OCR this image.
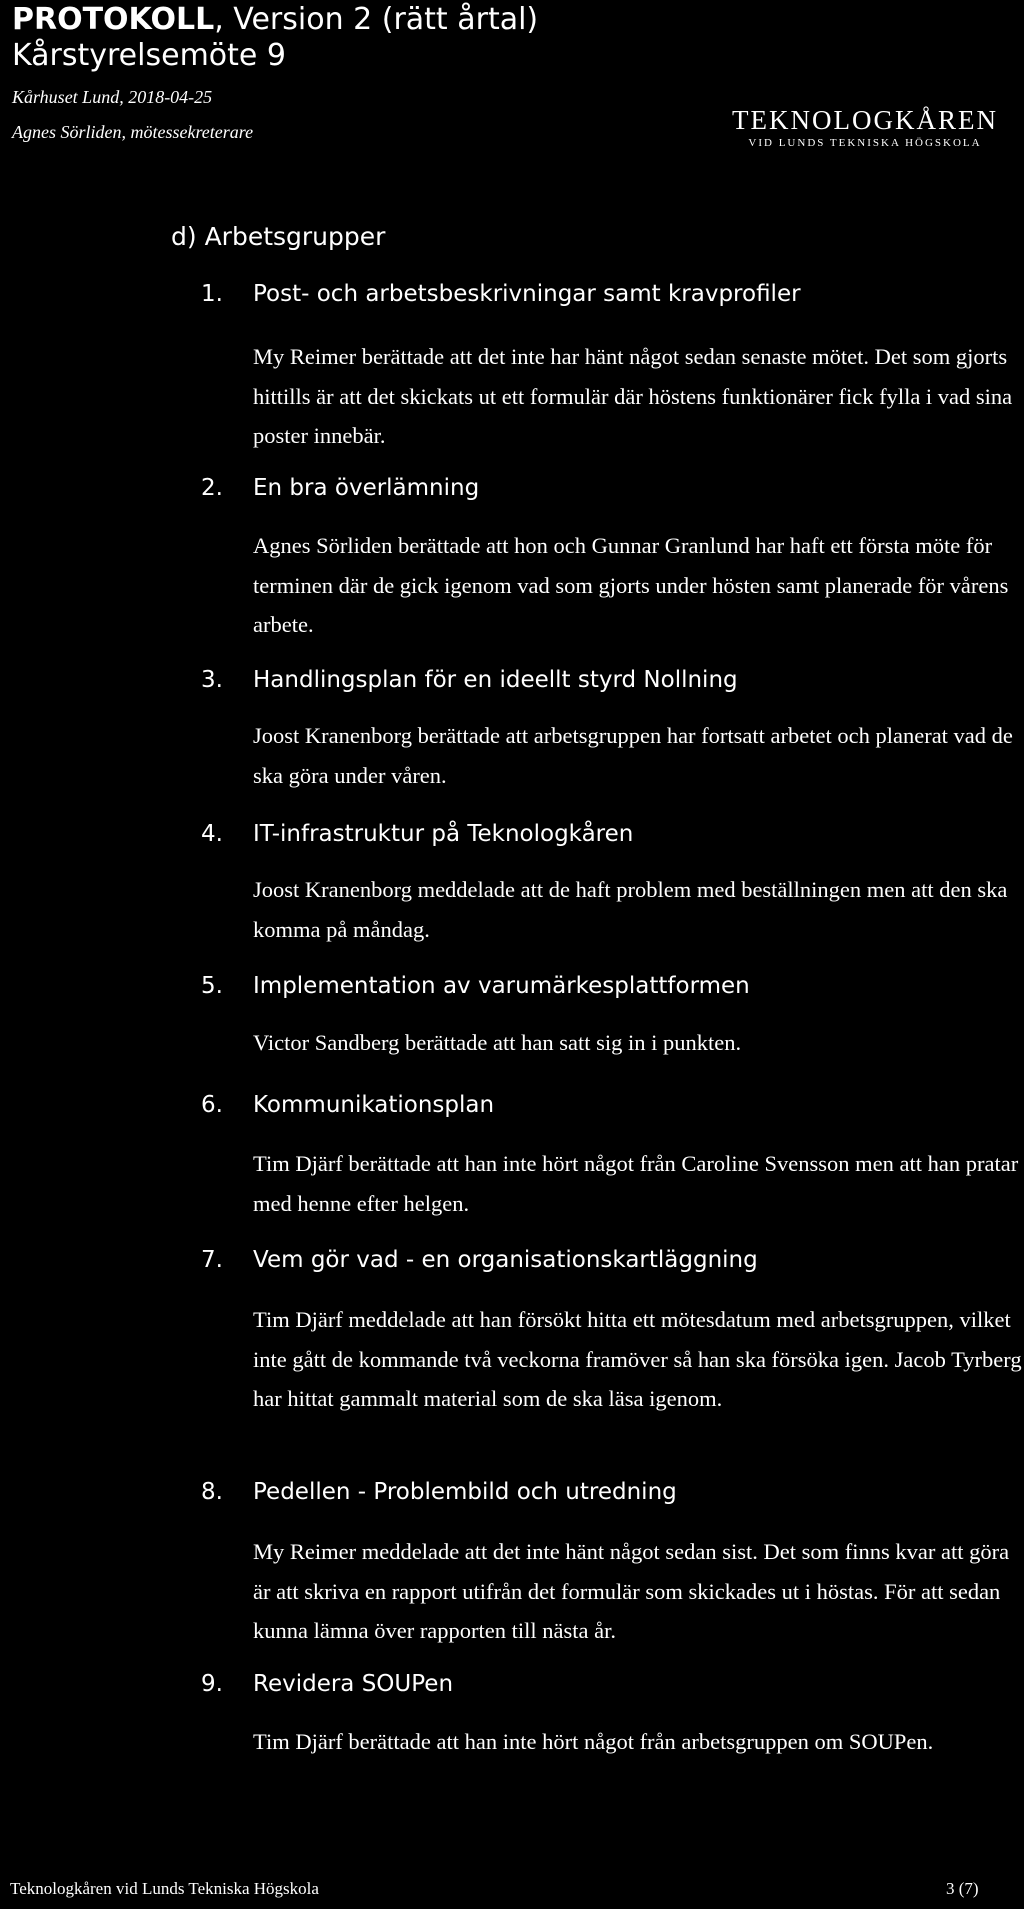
PROTOKOLL, Version 2 (rätt årtal)
Kårstyrelsemöte 9
Kårhuset Lund, 2018-04-25
Agnes Sörliden, mötessekreterare	TEKNOLOGKÅREN
VID LUNDS TEKNISKA HÖGSKOLA
d) Arbetsgrupper
1. Post- och arbetsbeskrivningar samt kravprofiler
My Reimer berättade att det inte har hänt något sedan senaste mötet. Det som gjorts hittills är att det skickats ut ett formulär där höstens funktionärer fick fylla i vad sina poster innebär.
2. En bra överlämning
Agnes Sörliden berättade att hon och Gunnar Granlund har haft ett första möte för terminen där de gick igenom vad som gjorts under hösten samt planerade för vårens arbete.
3. Handlingsplan för en ideellt styrd Nollning
Joost Kranenborg berättade att arbetsgruppen har fortsatt arbetet och planerat vad de ska göra under våren.
4. IT-infrastruktur på Teknologkåren
Joost Kranenborg meddelade att de haft problem med beställningen men att den ska komma på måndag.
5. Implementation av varumärkesplattformen
Victor Sandberg berättade att han satt sig in i punkten.
6. Kommunikationsplan
Tim Djärf berättade att han inte hört något från Caroline Svensson men att han pratar med henne efter helgen.
7. Vem gör vad - en organisationskartläggning
Tim Djärf meddelade att han försökt hitta ett mötesdatum med arbetsgruppen, vilket inte gått de kommande två veckorna framöver så han ska försöka igen. Jacob Tyrberg har hittat gammalt material som de ska läsa igenom.
8. Pedellen - Problembild och utredning
My Reimer meddelade att det inte hänt något sedan sist. Det som finns kvar att göra är att skriva en rapport utifrån det formulär som skickades ut i höstas. För att sedan kunna lämna över rapporten till nästa år.
9. Revidera SOUPen
Tim Djärf berättade att han inte hört något från arbetsgruppen om SOUPen.
Teknologkåren vid Lunds Tekniska Högskola	3 (7)
